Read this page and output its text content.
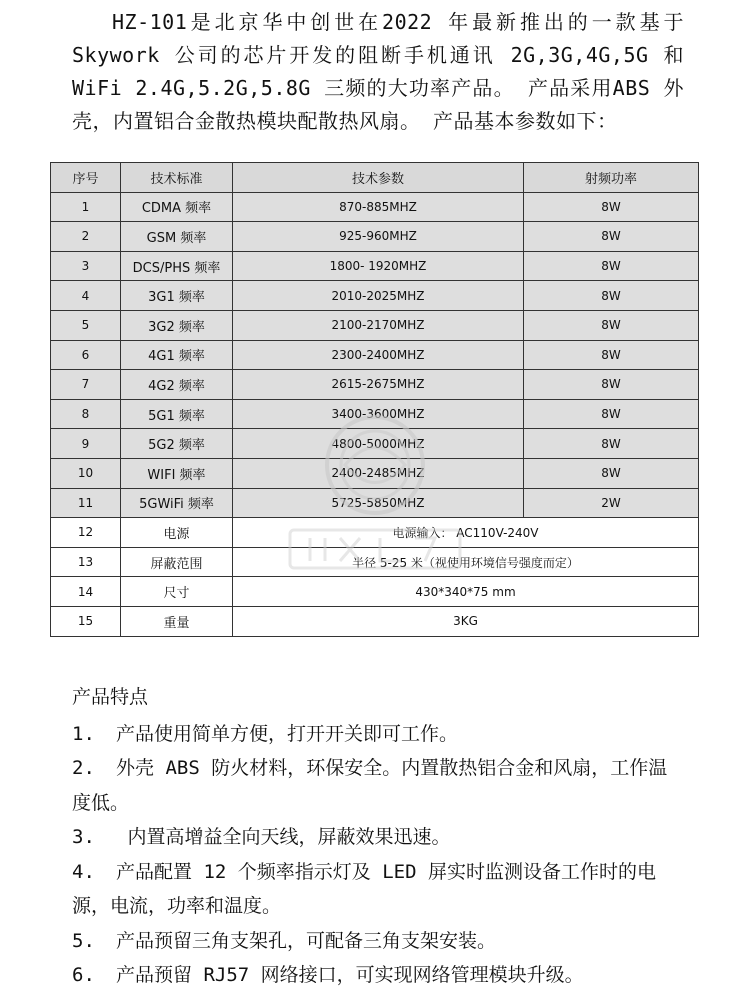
HZ-101是北京华中创世在2022 年最新推出的一款基于Skywork 公司的芯片开发的阻断手机通讯 2G,3G,4G,5G 和WiFi 2.4G,5.2G,5.8G 三频的大功率产品。 产品采用ABS 外壳，内置铝合金散热模块配散热风扇。 产品基本参数如下：

序号	技术标准	技术参数	射频功率
1	CDMA 频率	870-885MHZ	8W
2	GSM 频率	925-960MHZ	8W
3	DCS/PHS 频率	1800- 1920MHZ	8W
4	3G1 频率	2010-2025MHZ	8W
5	3G2 频率	2100-2170MHZ	8W
6	4G1 频率	2300-2400MHZ	8W
7	4G2 频率	2615-2675MHZ	8W
8	5G1 频率	3400-3600MHZ	8W
9	5G2 频率	4800-5000MHZ	8W
10	WIFI 频率	2400-2485MHZ	8W
11	5GWiFi 频率	5725-5850MHZ	2W
12	电源	电源输入： AC110V-240V	
13	屏蔽范围	半径 5-25 米（视使用环境信号强度而定）	
14	尺寸	430*340*75 mm	
15	重量	3KG	
产品特点
1. 产品使用简单方便，打开开关即可工作。
2. 外壳 ABS 防火材料，环保安全。内置散热铝合金和风扇，工作温度低。
3. 内置高增益全向天线，屏蔽效果迅速。
4. 产品配置 12 个频率指示灯及 LED 屏实时监测设备工作时的电源，电流，功率和温度。
5. 产品预留三角支架孔，可配备三角支架安装。
6. 产品预留 RJ57 网络接口，可实现网络管理模块升级。
